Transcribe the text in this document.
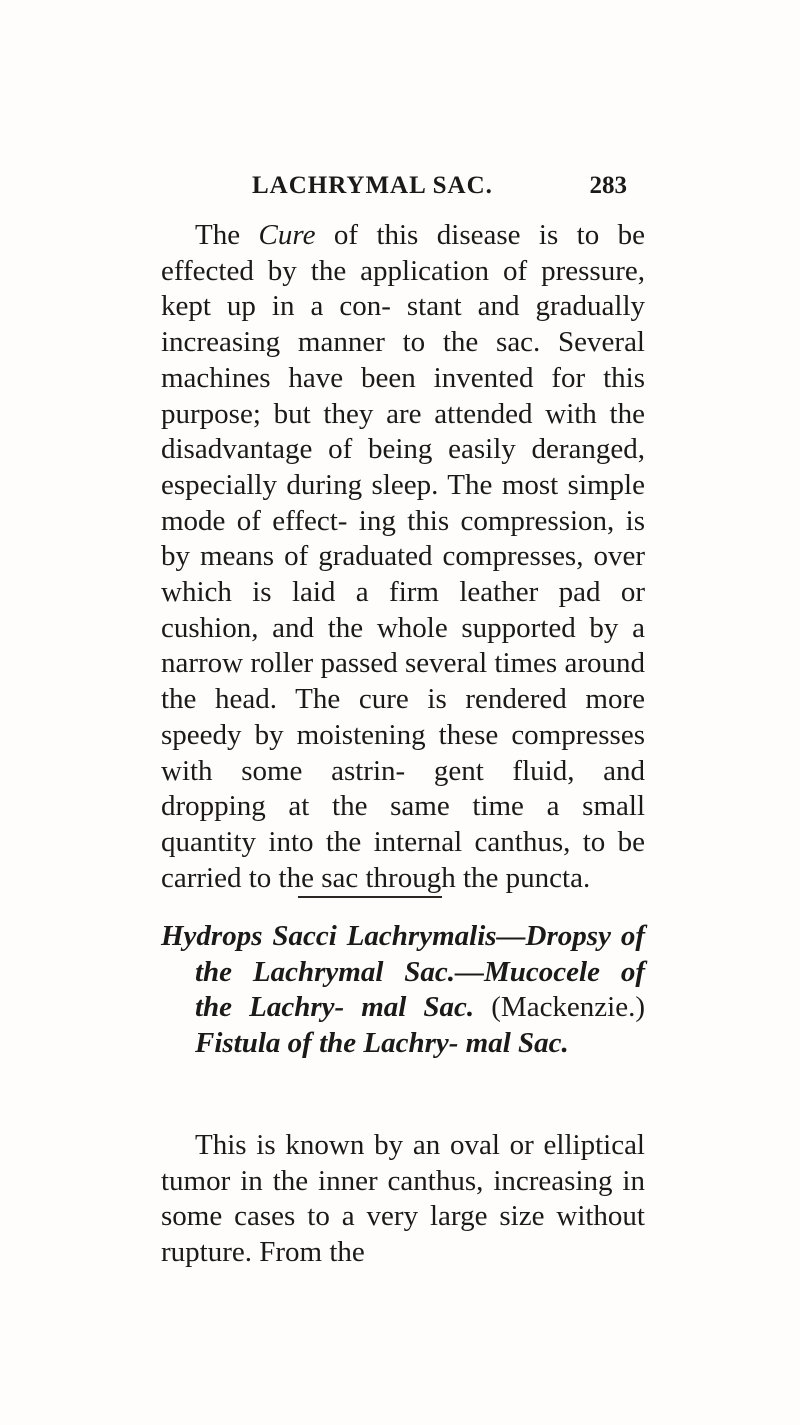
LACHRYMAL SAC.	283

The Cure of this disease is to be effected by the application of pressure, kept up in a con- stant and gradually increasing manner to the sac. Several machines have been invented for this purpose; but they are attended with the disadvantage of being easily deranged, especially during sleep. The most simple mode of effect- ing this compression, is by means of graduated compresses, over which is laid a firm leather pad or cushion, and the whole supported by a narrow roller passed several times around the head. The cure is rendered more speedy by moistening these compresses with some astrin- gent fluid, and dropping at the same time a small quantity into the internal canthus, to be carried to the sac through the puncta.

Hydrops Sacci Lachrymalis—Dropsy of the Lachrymal Sac.—Mucocele of the Lachry- mal Sac. (Mackenzie.) Fistula of the Lachry- mal Sac.

This is known by an oval or elliptical tumor in the inner canthus, increasing in some cases to a very large size without rupture. From the
